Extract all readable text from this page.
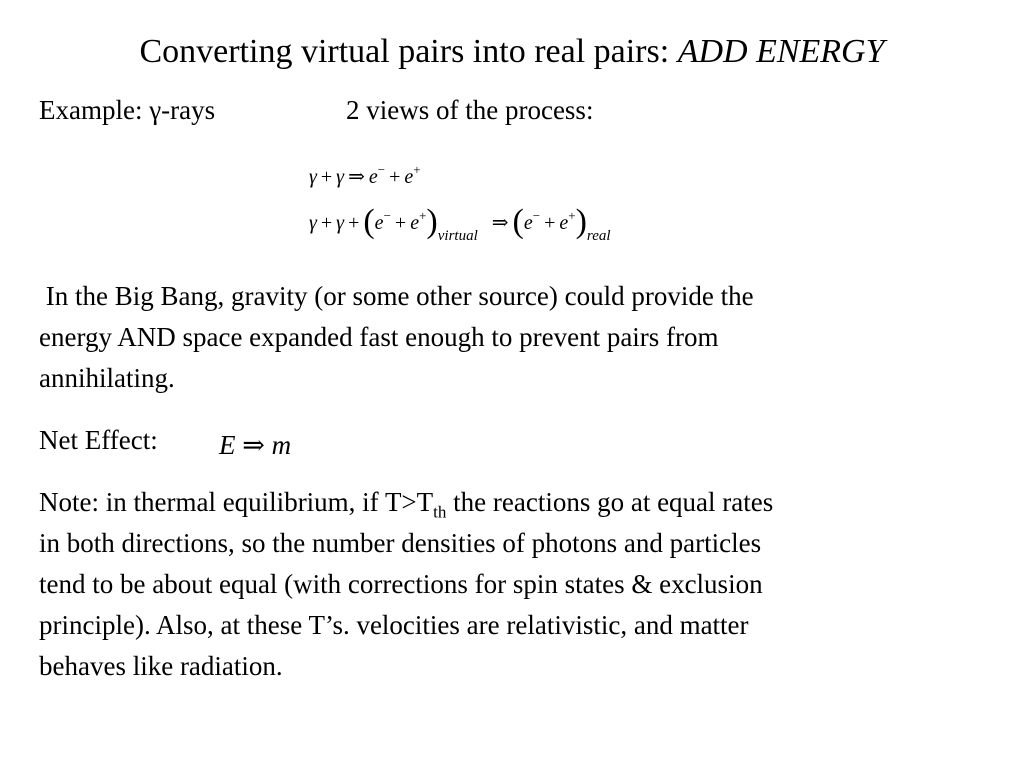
Converting virtual pairs into real pairs: ADD ENERGY
Example: γ-rays	2 views of the process:
γ + γ ⇒ e− + e+
$\gamma + \gamma + (e^- + e^+)_{virtual}\Rightarrow$ $(e^- + e^+)_{real}$
In the Big Bang, gravity (or some other source) could provide the
energy AND space expanded fast enough to prevent pairs from
annihilating.
Net Effect: E ⇒ m
Note: in thermal equilibrium, if $T>T_{th}$ the reactions go at equal rates
in both directions, so the number densities of photons and particles
tend to be about equal (with corrections for spin states & exclusion
principle). Also, at these T’s. velocities are relativistic, and matter
behaves like radiation.
